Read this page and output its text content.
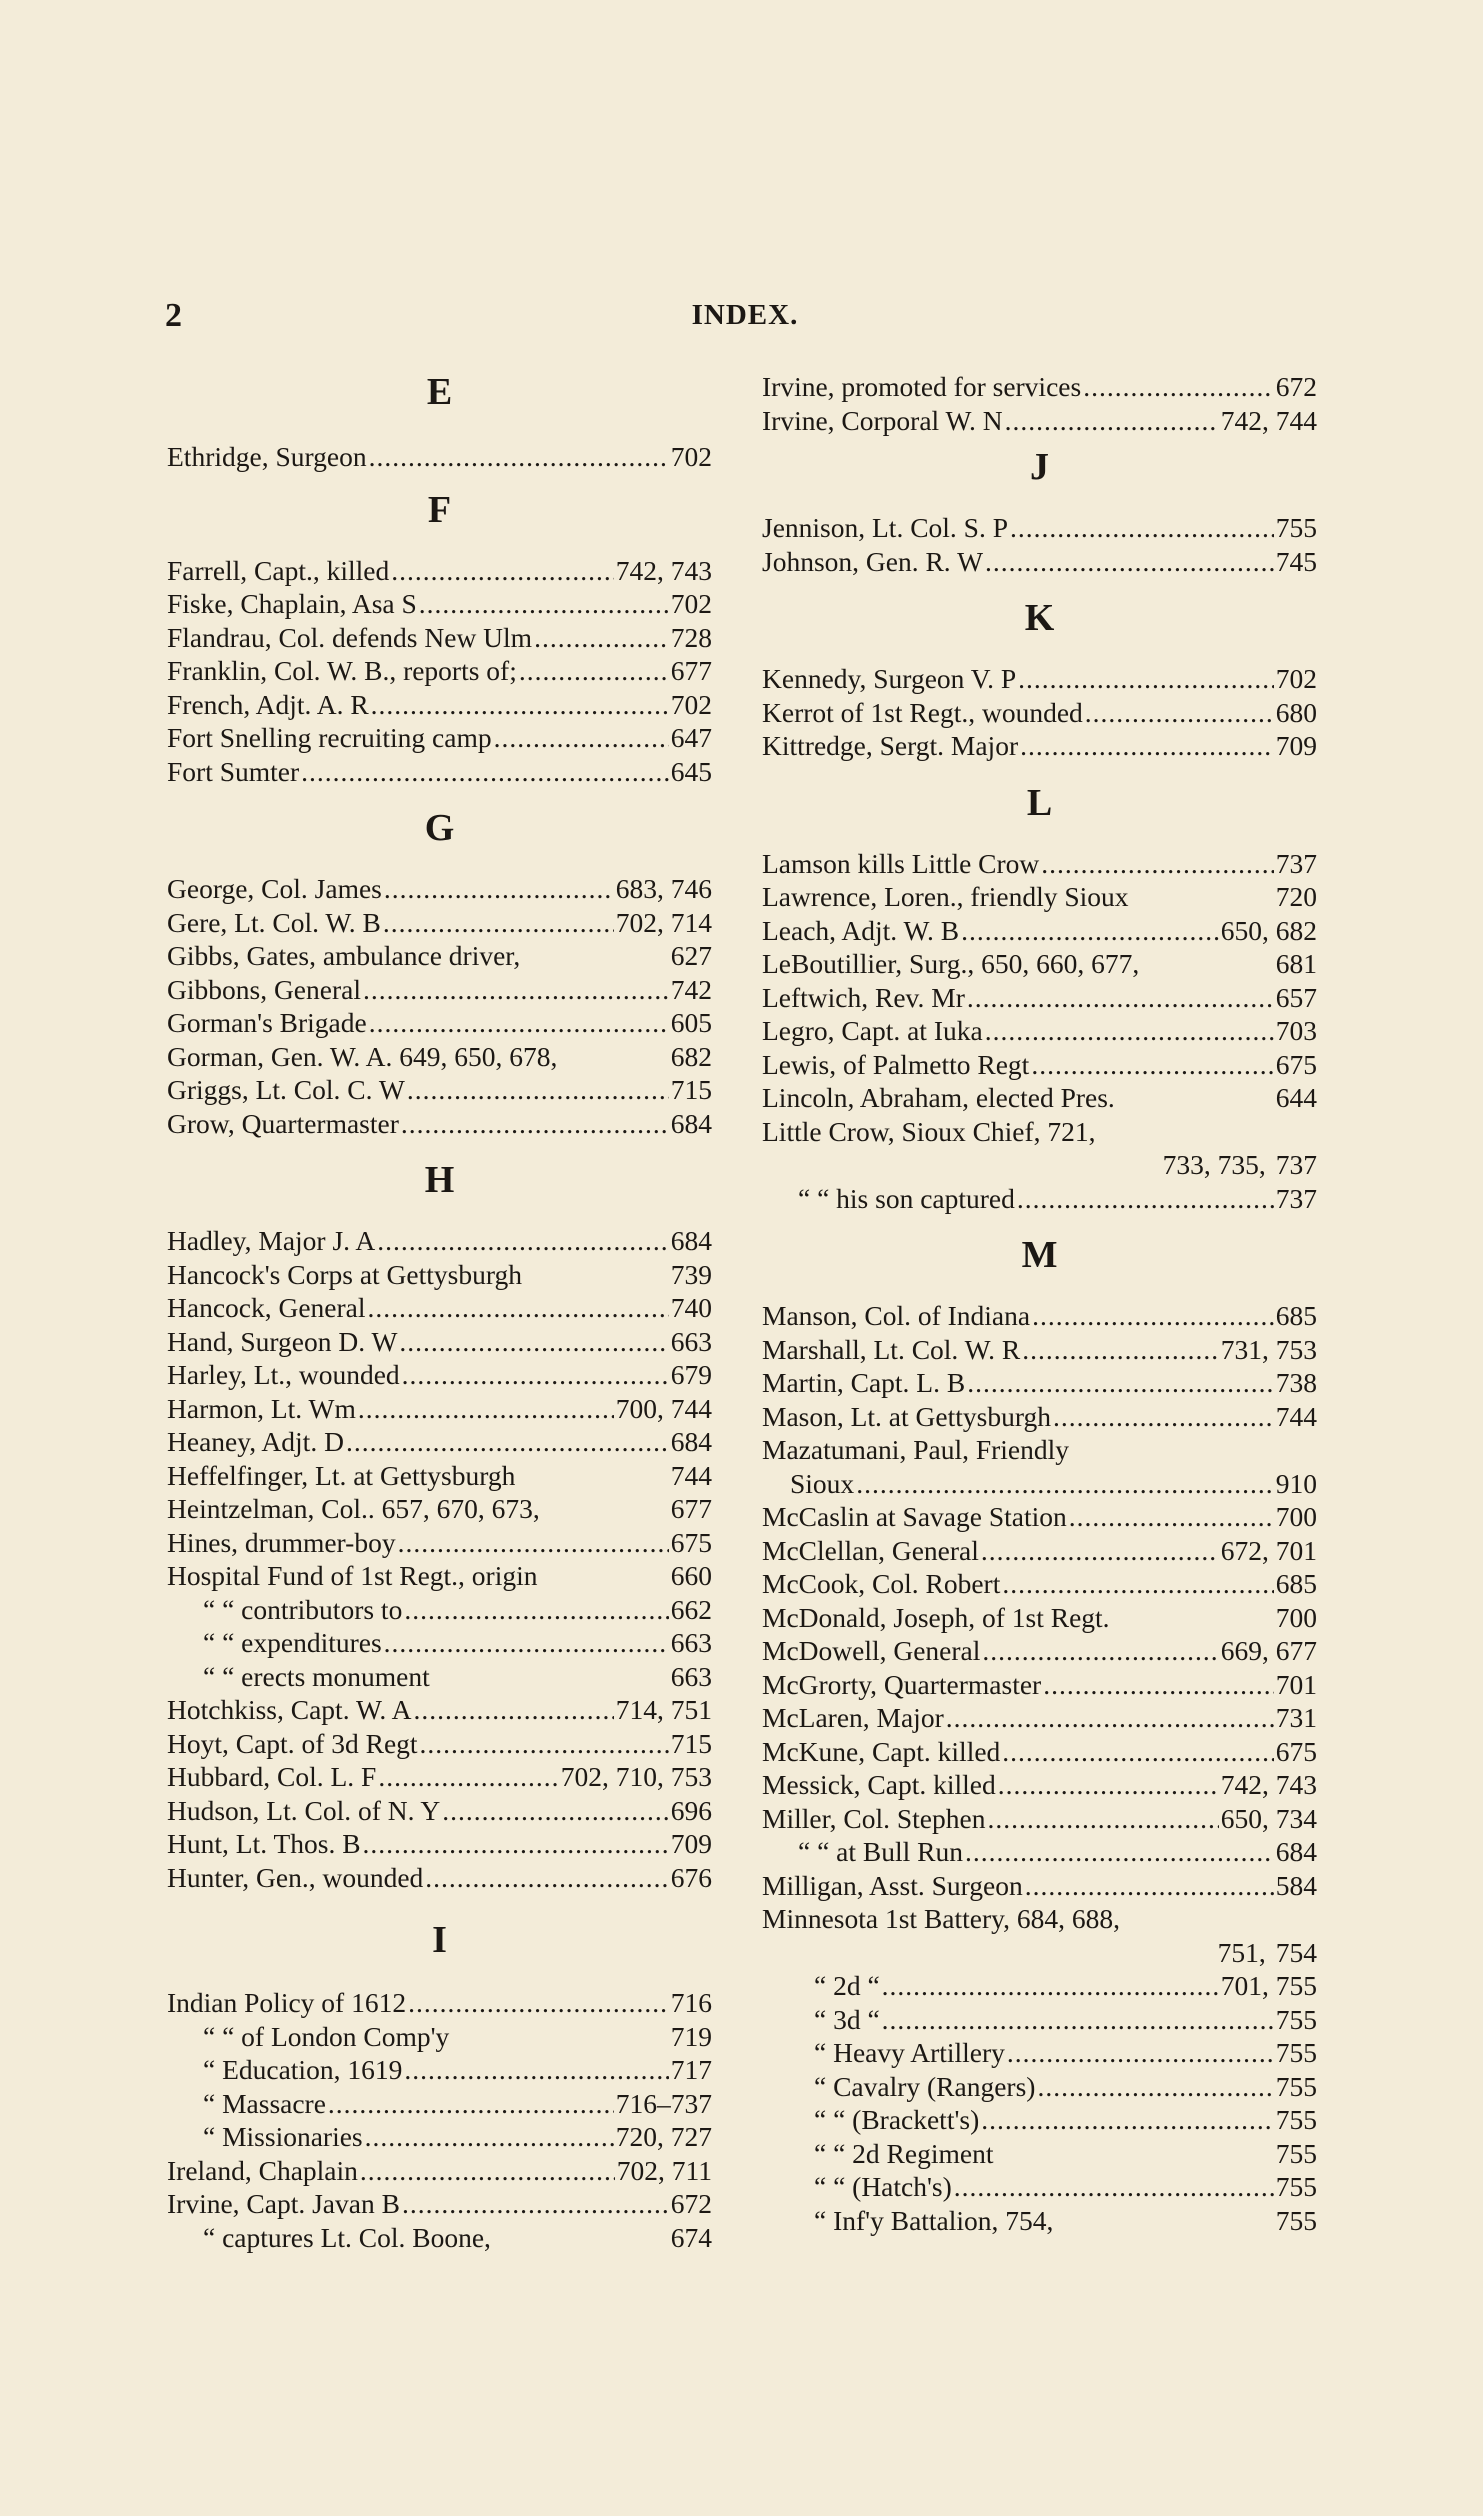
2	INDEX.
E
Ethridge, Surgeon .....	702
F
Farrell, Capt., killed .....	742, 743
Fiske, Chaplain, Asa S .....	702
Flandrau, Col. defends New Ulm .....	728
Franklin, Col. W. B., reports of; .....	677
French, Adjt. A. R .....	702
Fort Snelling recruiting camp .....	647
Fort Sumter .....	645
G
George, Col. James .....	683, 746
Gere, Lt. Col. W. B .....	702, 714
Gibbs, Gates, ambulance driver,	627
Gibbons, General .....	742
Gorman's Brigade .....	605
Gorman, Gen. W. A. 649, 650, 678,	682
Griggs, Lt. Col. C. W .....	715
Grow, Quartermaster .....	684
H
Hadley, Major J. A .....	684
Hancock's Corps at Gettysburgh	739
Hancock, General .....	740
Hand, Surgeon D. W .....	663
Harley, Lt., wounded .....	679
Harmon, Lt. Wm .....	700, 744
Heaney, Adjt. D .....	684
Heffelfinger, Lt. at Gettysburgh	744
Heintzelman, Col.. 657, 670, 673,	677
Hines, drummer-boy .....	675
Hospital Fund of 1st Regt., origin	660
“ “ contributors to .....	662
“ “ expenditures .....	663
“ “ erects monument	663
Hotchkiss, Capt. W. A .....	714, 751
Hoyt, Capt. of 3d Regt .....	715
Hubbard, Col. L. F .....	702, 710, 753
Hudson, Lt. Col. of N. Y .....	696
Hunt, Lt. Thos. B .....	709
Hunter, Gen., wounded .....	676
I
Indian Policy of 1612 .....	716
“ “ of London Comp'y	719
“ Education, 1619 .....	717
“ Massacre .....	716–737
“ Missionaries .....	720, 727
Ireland, Chaplain .....	702, 711
Irvine, Capt. Javan B .....	672
“ captures Lt. Col. Boone,	674
Irvine, promoted for services .....	672
Irvine, Corporal W. N .....	742, 744
J
Jennison, Lt. Col. S. P .....	755
Johnson, Gen. R. W .....	745
K
Kennedy, Surgeon V. P .....	702
Kerrot of 1st Regt., wounded .....	680
Kittredge, Sergt. Major .....	709
L
Lamson kills Little Crow .....	737
Lawrence, Loren., friendly Sioux	720
Leach, Adjt. W. B .....	650, 682
LeBoutillier, Surg., 650, 660, 677,	681
Leftwich, Rev. Mr .....	657
Legro, Capt. at Iuka .....	703
Lewis, of Palmetto Regt .....	675
Lincoln, Abraham, elected Pres.	644
Little Crow, Sioux Chief, 721,
733, 735, 737
“ “ his son captured .....	737
M
Manson, Col. of Indiana .....	685
Marshall, Lt. Col. W. R .....	731, 753
Martin, Capt. L. B .....	738
Mason, Lt. at Gettysburgh .....	744
Mazatumani, Paul, Friendly
Sioux .....	910
McCaslin at Savage Station .....	700
McClellan, General .....	672, 701
McCook, Col. Robert .....	685
McDonald, Joseph, of 1st Regt.	700
McDowell, General .....	669, 677
McGrorty, Quartermaster .....	701
McLaren, Major .....	731
McKune, Capt. killed .....	675
Messick, Capt. killed .....	742, 743
Miller, Col. Stephen .....	650, 734
“ “ at Bull Run .....	684
Milligan, Asst. Surgeon .....	584
Minnesota 1st Battery, 684, 688,
751, 754
“ 2d “ .....	701, 755
“ 3d “ .....	755
“ Heavy Artillery .....	755
“ Cavalry (Rangers) .....	755
“ “ (Brackett's) .....	755
“ “ 2d Regiment	755
“ “ (Hatch's) .....	755
“ Inf'y Battalion, 754,	755
